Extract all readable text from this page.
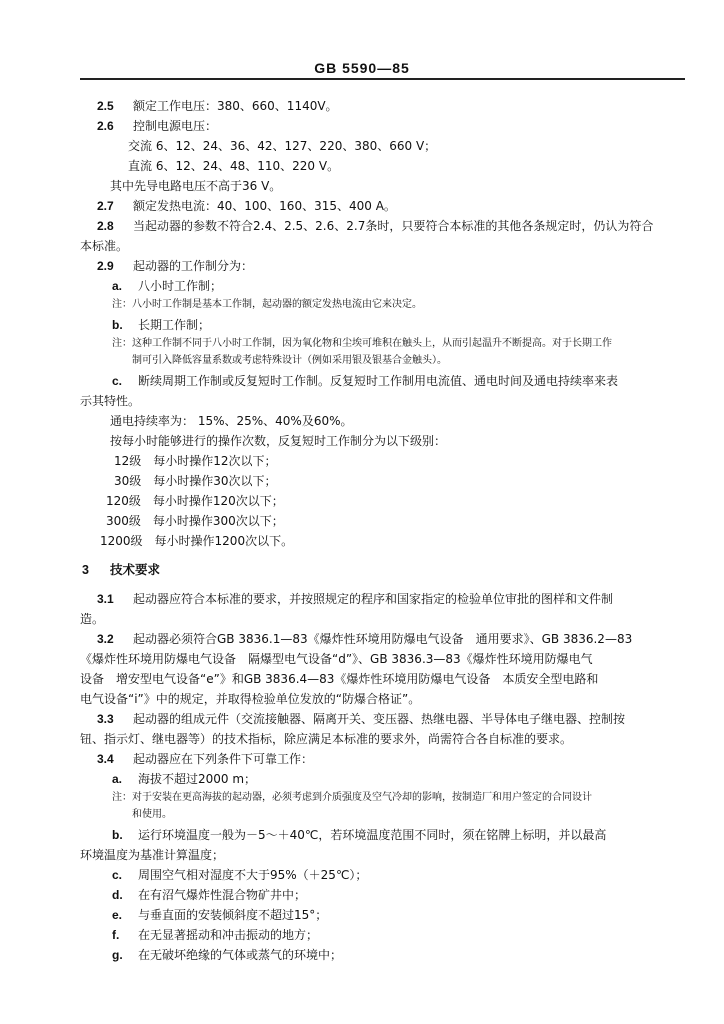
GB 5590—85
2.5 额定工作电压：380、660、1140V。
2.6 控制电源电压：
交流 6、12、24、36、42、127、220、380、660 V；
直流 6、12、24、48、110、220 V。
其中先导电路电压不高于36 V。
2.7 额定发热电流：40、100、160、315、400 A。
2.8 当起动器的参数不符合2.4、2.5、2.6、2.7条时，只要符合本标准的其他各条规定时，仍认为符合
本标准。
2.9 起动器的工作制分为：
a. 八小时工作制；
注：八小时工作制是基本工作制，起动器的额定发热电流由它来决定。
b. 长期工作制；
注：这种工作制不同于八小时工作制，因为氧化物和尘埃可堆积在触头上，从而引起温升不断提高。对于长期工作
制可引入降低容量系数或考虑特殊设计（例如采用银及银基合金触头）。
c. 断续周期工作制或反复短时工作制。反复短时工作制用电流值、通电时间及通电持续率来表
示其特性。
通电持续率为： 15%、25%、40%及60%。
按每小时能够进行的操作次数，反复短时工作制分为以下级别：
12级　每小时操作12次以下；
30级　每小时操作30次以下；
120级　每小时操作120次以下；
300级　每小时操作300次以下；
1200级　每小时操作1200次以下。
3 技术要求
3.1 起动器应符合本标准的要求，并按照规定的程序和国家指定的检验单位审批的图样和文件制
造。
3.2 起动器必须符合GB 3836.1—83《爆炸性环境用防爆电气设备　通用要求》、GB 3836.2—83
《爆炸性环境用防爆电气设备　隔爆型电气设备“d”》、GB 3836.3—83《爆炸性环境用防爆电气
设备　增安型电气设备“e”》和GB 3836.4—83《爆炸性环境用防爆电气设备　本质安全型电路和
电气设备“i”》中的规定，并取得检验单位发放的“防爆合格证”。
3.3 起动器的组成元件（交流接触器、隔离开关、变压器、热继电器、半导体电子继电器、控制按
钮、指示灯、继电器等）的技术指标，除应满足本标准的要求外，尚需符合各自标准的要求。
3.4 起动器应在下列条件下可靠工作：
a. 海拔不超过2000 m；
注：对于安装在更高海拔的起动器，必须考虑到介质强度及空气冷却的影响，按制造厂和用户签定的合同设计
和使用。
b. 运行环境温度一般为－5～＋40℃，若环境温度范围不同时，须在铭牌上标明，并以最高
环境温度为基准计算温度；
c. 周围空气相对湿度不大于95%（＋25℃）；
d. 在有沼气爆炸性混合物矿井中；
e. 与垂直面的安装倾斜度不超过15°；
f. 在无显著摇动和冲击振动的地方；
g. 在无破坏绝缘的气体或蒸气的环境中；
